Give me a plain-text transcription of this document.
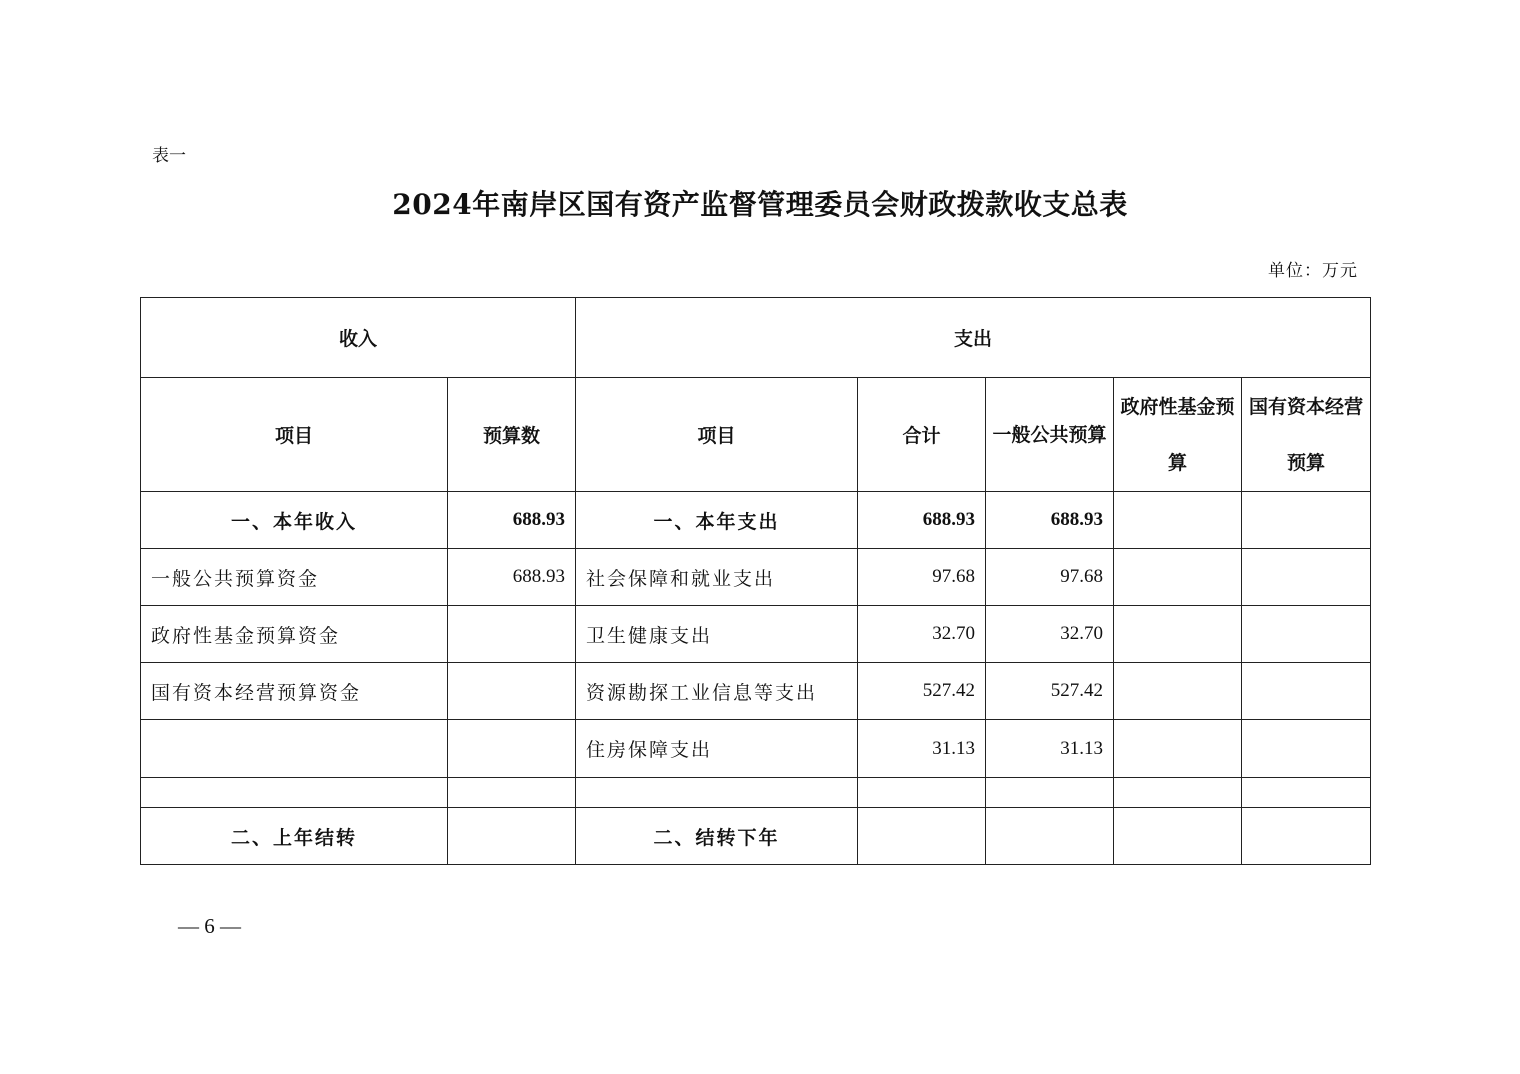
表一
2024年南岸区国有资产监督管理委员会财政拨款收支总表
单位：万元
收入		支出				
项目	预算数	项目	合计	一般公共预算	政府性基金预算	国有资本经营预算
一、本年收入	688.93	一、本年支出	688.93	688.93		
一般公共预算资金	688.93	社会保障和就业支出	97.68	97.68		
政府性基金预算资金		卫生健康支出	32.70	32.70		
国有资本经营预算资金		资源勘探工业信息等支出	527.42	527.42		
		住房保障支出	31.13	31.13		

二、上年结转		二、结转下年				
— 6 —
